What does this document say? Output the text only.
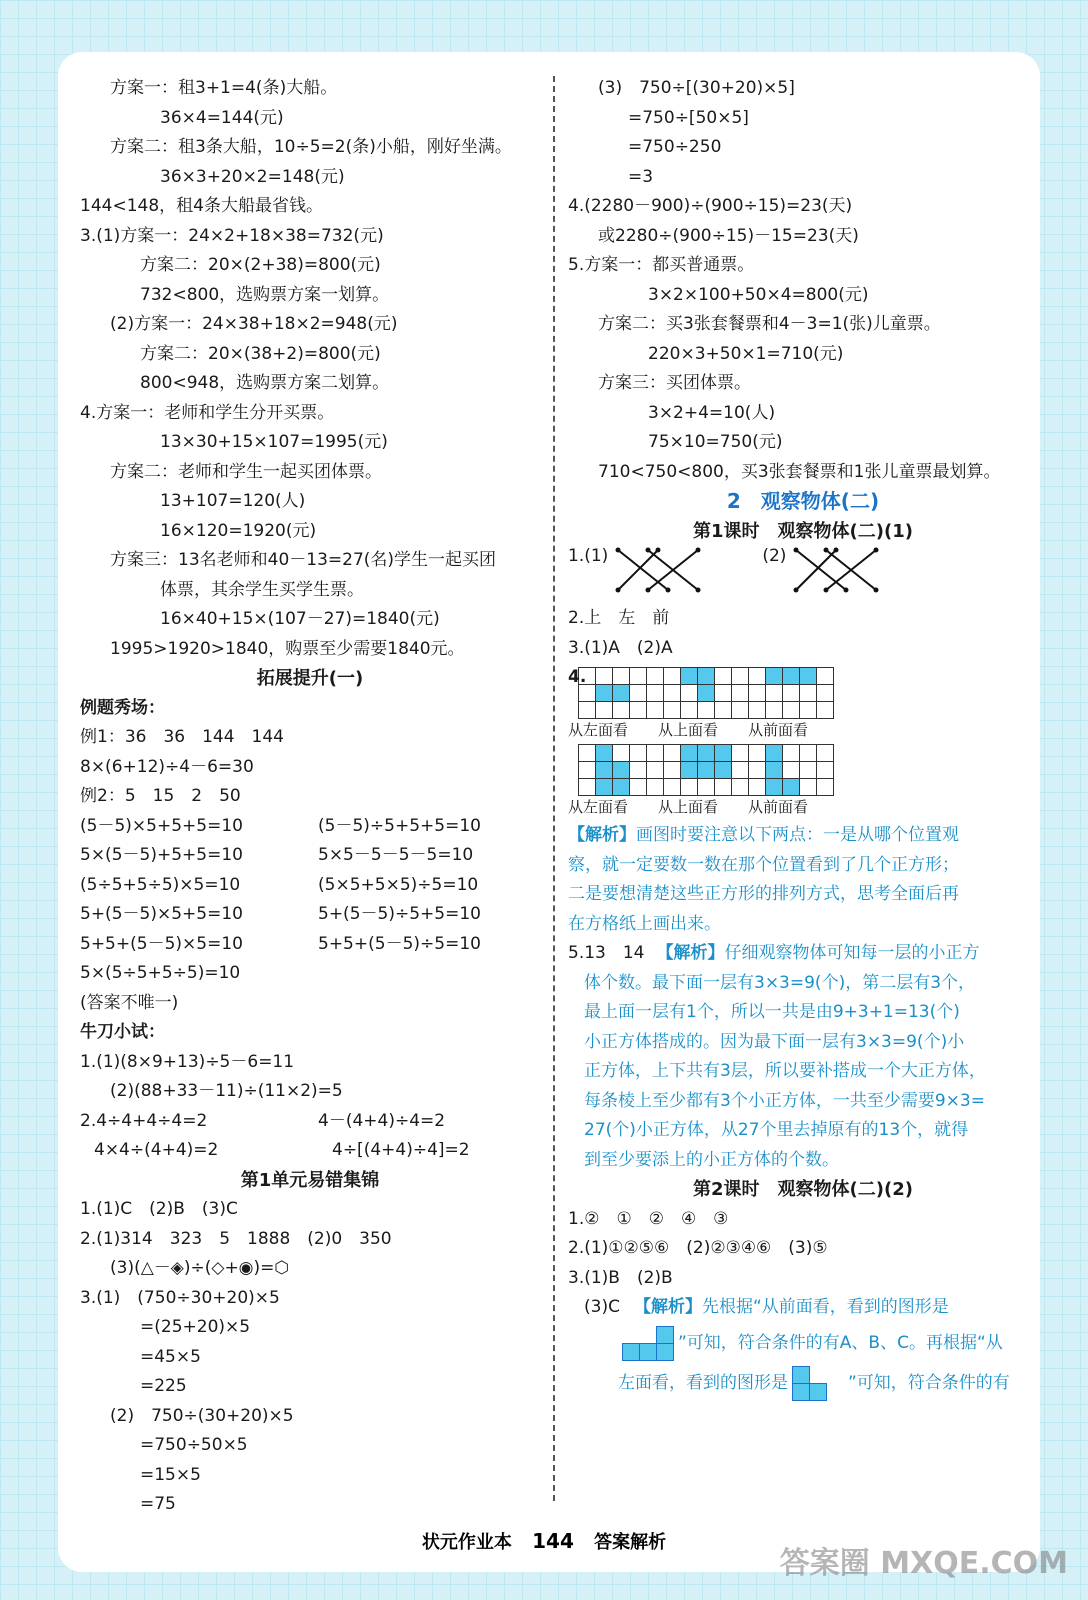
方案一：租3+1=4(条)大船。
36×4=144(元)
方案二：租3条大船，10÷5=2(条)小船，刚好坐满。
36×3+20×2=148(元)
144<148，租4条大船最省钱。
3.(1)方案一：24×2+18×38=732(元)
方案二：20×(2+38)=800(元)
732<800，选购票方案一划算。
(2)方案一：24×38+18×2=948(元)
方案二：20×(38+2)=800(元)
800<948，选购票方案二划算。
4.方案一：老师和学生分开买票。
13×30+15×107=1995(元)
方案二：老师和学生一起买团体票。
13+107=120(人)
16×120=1920(元)
方案三：13名老师和40－13=27(名)学生一起买团
体票，其余学生买学生票。
16×40+15×(107－27)=1840(元)
1995>1920>1840，购票至少需要1840元。
拓展提升(一)
例题秀场：
例1：36　36　144　144
8×(6+12)÷4－6=30
例2：5　15　2　50
(5－5)×5+5+5=10	(5－5)÷5+5+5=10
5×(5－5)+5+5=10	5×5－5－5－5=10
(5÷5+5÷5)×5=10	(5×5+5×5)÷5=10
5+(5－5)×5+5=10	5+(5－5)÷5+5=10
5+5+(5－5)×5=10	5+5+(5－5)÷5=10
5×(5÷5+5÷5)=10
(答案不唯一)
牛刀小试：
1.(1)(8×9+13)÷5－6=11
(2)(88+33－11)÷(11×2)=5
2.4÷4+4÷4=2	4－(4+4)÷4=2
4×4÷(4+4)=2	4÷[(4+4)÷4]=2
第1单元易错集锦
1.(1)C　(2)B　(3)C
2.(1)314　323　5　1888　(2)0　350
(3)(△－◈)÷(◇+◉)=⬡
3.(1)　(750÷30+20)×5
=(25+20)×5
=45×5
=225
(2)　750÷(30+20)×5
=750÷50×5
=15×5
=75
(3)　750÷[(30+20)×5]
=750÷[50×5]
=750÷250
=3
4.(2280－900)÷(900÷15)=23(天)
或2280÷(900÷15)－15=23(天)
5.方案一：都买普通票。
3×2×100+50×4=800(元)
方案二：买3张套餐票和4－3=1(张)儿童票。
220×3+50×1=710(元)
方案三：买团体票。
3×2+4=10(人)
75×10=750(元)
710<750<800，买3张套餐票和1张儿童票最划算。
2　观察物体(二)
第1课时　观察物体(二)(1)
1.(1)	(2)
2.上　左　前
3.(1)A　(2)A
4.
从左面看	从上面看	从前面看
从左面看	从上面看	从前面看
【解析】画图时要注意以下两点：一是从哪个位置观
察，就一定要数一数在那个位置看到了几个正方形；
二是要想清楚这些正方形的排列方式，思考全面后再
在方格纸上画出来。
5.13　14 【解析】仔细观察物体可知每一层的小正方
体个数。最下面一层有3×3=9(个)，第二层有3个，
最上面一层有1个，所以一共是由9+3+1=13(个)
小正方体搭成的。因为最下面一层有3×3=9(个)小
正方体，上下共有3层，所以要补搭成一个大正方体，
每条棱上至少都有3个小正方体，一共至少需要9×3=
27(个)小正方体，从27个里去掉原有的13个，就得
到至少要添上的小正方体的个数。
第2课时　观察物体(二)(2)
1.②　①　②　④　③
2.(1)①②⑤⑥　(2)②③④⑥　(3)⑤
3.(1)B　(2)B
(3)C 【解析】先根据“从前面看，看到的图形是
”可知，符合条件的有A、B、C。再根据“从
左面看，看到的图形是	”可知，符合条件的有
状元作业本 144 答案解析
答案圈 MXQE.COM
